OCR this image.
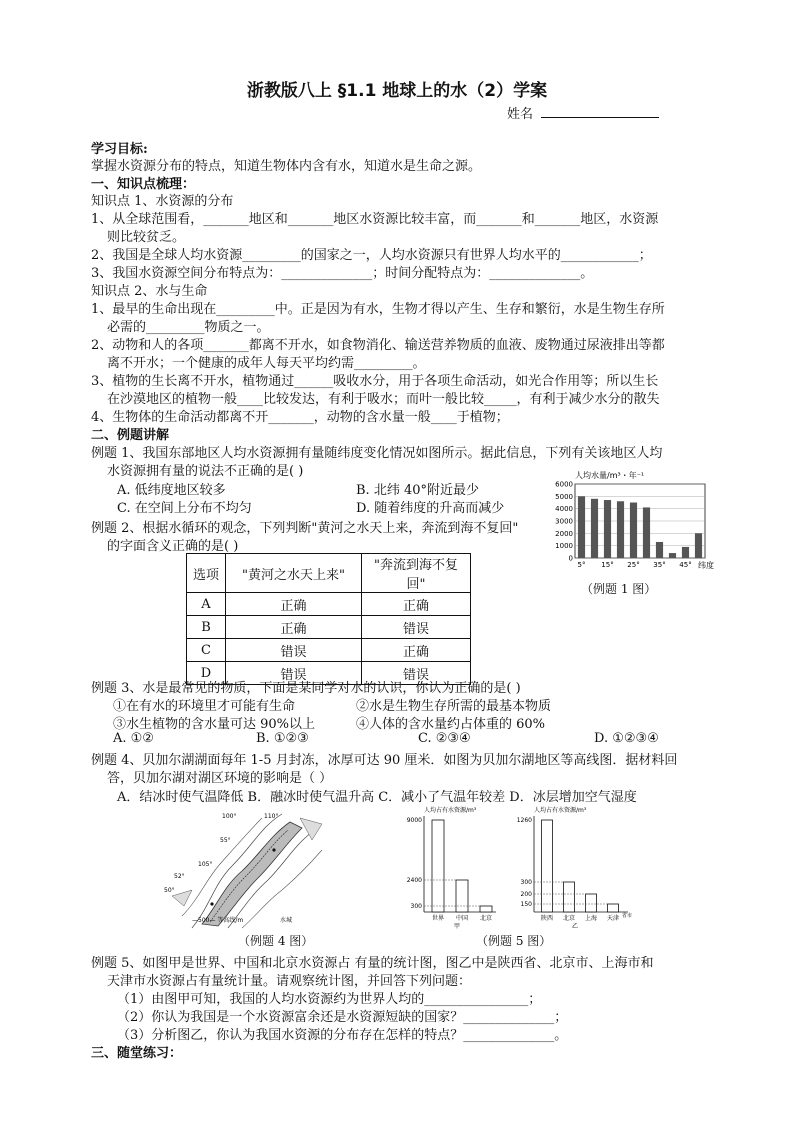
浙教版八上 §1.1 地球上的水（2）学案
姓名
学习目标:
掌握水资源分布的特点，知道生物体内含有水，知道水是生命之源。
一、知识点梳理：
知识点 1、水资源的分布
1、从全球范围看，_______地区和_______地区水资源比较丰富，而_______和_______地区，水资源
则比较贫乏。
2、我国是全球人均水资源_________的国家之一，人均水资源只有世界人均水平的____________；
3、我国水资源空间分布特点为：______________；时间分配特点为：______________。
知识点 2、水与生命
1、最早的生命出现在_________中。正是因为有水，生物才得以产生、生存和繁衍，水是生物生存所
必需的_________物质之一。
2、动物和人的各项_______都离不开水，如食物消化、输送营养物质的血液、废物通过尿液排出等都
离不开水；一个健康的成年人每天平均约需_________。
3、植物的生长离不开水，植物通过______吸收水分，用于各项生命活动，如光合作用等；所以生长
在沙漠地区的植物一般____比较发达，有利于吸水；而叶一般比较_____，有利于减少水分的散失
4、生物体的生命活动都离不开_______，动物的含水量一般____于植物；
二、例题讲解
例题 1、我国东部地区人均水资源拥有量随纬度变化情况如图所示。据此信息，下列有关该地区人均
水资源拥有量的说法不正确的是( )
A. 低纬度地区较多	B. 北纬 40°附近最少
C. 在空间上分布不均匀	D. 随着纬度的升高而减少
例题 2、根据水循环的观念，下列判断"黄河之水天上来，奔流到海不复回"
的字面含义正确的是( )
人均水量/m³・年⁻¹
0
1000
2000
3000
4000
5000
6000
5° 15° 25° 35° 45° 纬度
（例题 1 图）
选项	"黄河之水天上来"	"奔流到海不复回"
A	正确	正确
B	正确	错误
C	错误	正确
D	错误	错误
例题 3、水是最常见的物质，下面是某同学对水的认识，你认为正确的是( )
①在有水的环境里才可能有生命	②水是生物生存所需的最基本物质
③水生植物的含水量可达 90%以上	④人体的含水量约占体重的 60%
A. ①②	B. ①②③	C. ②③④	D. ①②③④
例题 4、贝加尔湖湖面每年 1-5 月封冻，冰厚可达 90 厘米．如图为贝加尔湖地区等高线图．据材料回
答，贝加尔湖对湖区环境的影响是（ ）
A．结冰时使气温降低 B．融冰时使气温升高 C．减小了气温年较差 D．冰层增加空气湿度
100°	110°
55°
50°
105°
52°
—500— 等高线/m	水城
（例题 4 图）
人均占有水资源/m³
300
2400
9000
世界 中国 北京
甲
人均占有水资源/m³
150
200
300
1260
陕西 北京 上海 天津 省市
乙
（例题 5 图）
例题 5、如图甲是世界、中国和北京水资源占 有量的统计图，图乙中是陕西省、北京市、上海市和
天津市水资源占有量统计量。请观察统计图，并回答下列问题：
（1）由图甲可知，我国的人均水资源约为世界人均的________________；
（2）你认为我国是一个水资源富余还是水资源短缺的国家？______________；
（3）分析图乙，你认为我国水资源的分布存在怎样的特点？______________。
三、随堂练习：
